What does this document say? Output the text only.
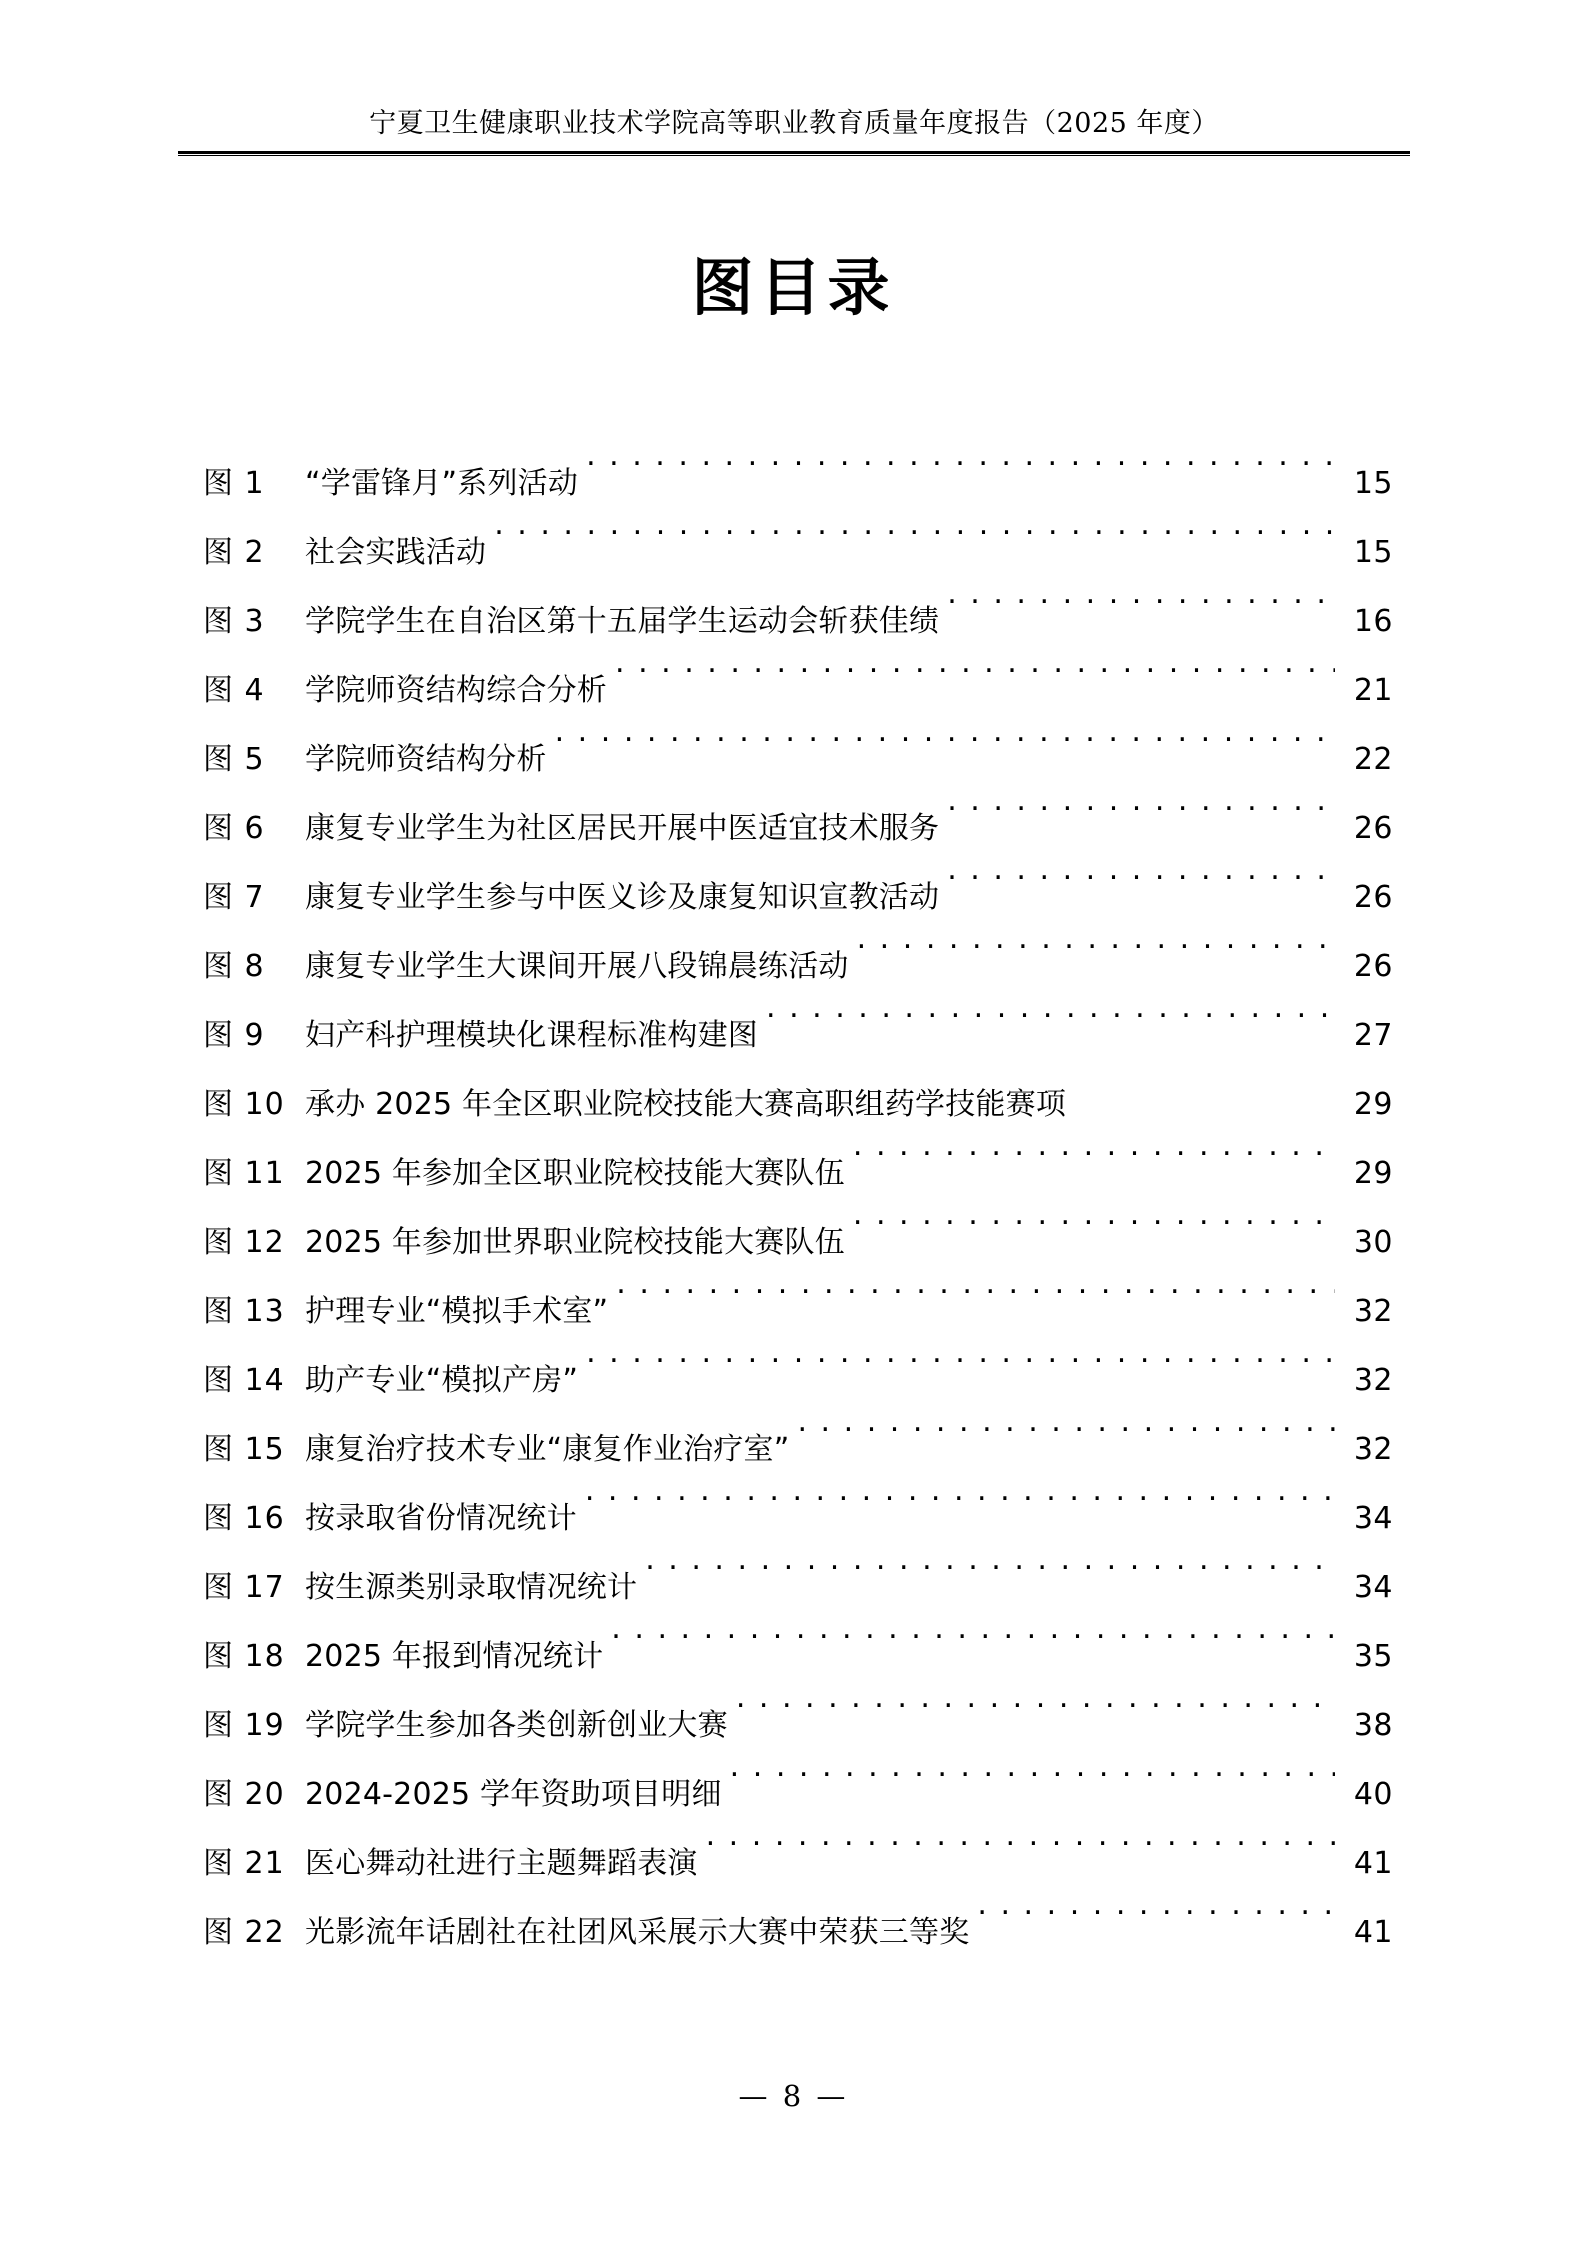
宁夏卫生健康职业技术学院高等职业教育质量年度报告（2025 年度）
图目录
图 1	“学雷锋月”系列活动 . . .	15
图 2	社会实践活动 . . .	15
图 3	学院学生在自治区第十五届学生运动会斩获佳绩 . . .	16
图 4	学院师资结构综合分析 . . .	21
图 5	学院师资结构分析 . . .	22
图 6	康复专业学生为社区居民开展中医适宜技术服务 . . .	26
图 7	康复专业学生参与中医义诊及康复知识宣教活动 . . .	26
图 8	康复专业学生大课间开展八段锦晨练活动 . . .	26
图 9	妇产科护理模块化课程标准构建图 . . .	27
图 10 承办 2025 年全区职业院校技能大赛高职组药学技能赛项	29
图 11 2025 年参加全区职业院校技能大赛队伍 . . .	29
图 12 2025 年参加世界职业院校技能大赛队伍 . . .	30
图 13 护理专业“模拟手术室” . . .	32
图 14 助产专业“模拟产房” . . .	32
图 15 康复治疗技术专业“康复作业治疗室” . . .	32
图 16 按录取省份情况统计 . . .	34
图 17 按生源类别录取情况统计 . . .	34
图 18 2025 年报到情况统计 . . .	35
图 19 学院学生参加各类创新创业大赛 . . .	38
图 20 2024-2025 学年资助项目明细 . . .	40
图 21 医心舞动社进行主题舞蹈表演 . . .	41
图 22 光影流年话剧社在社团风采展示大赛中荣获三等奖 . . .	41
— 8 —
